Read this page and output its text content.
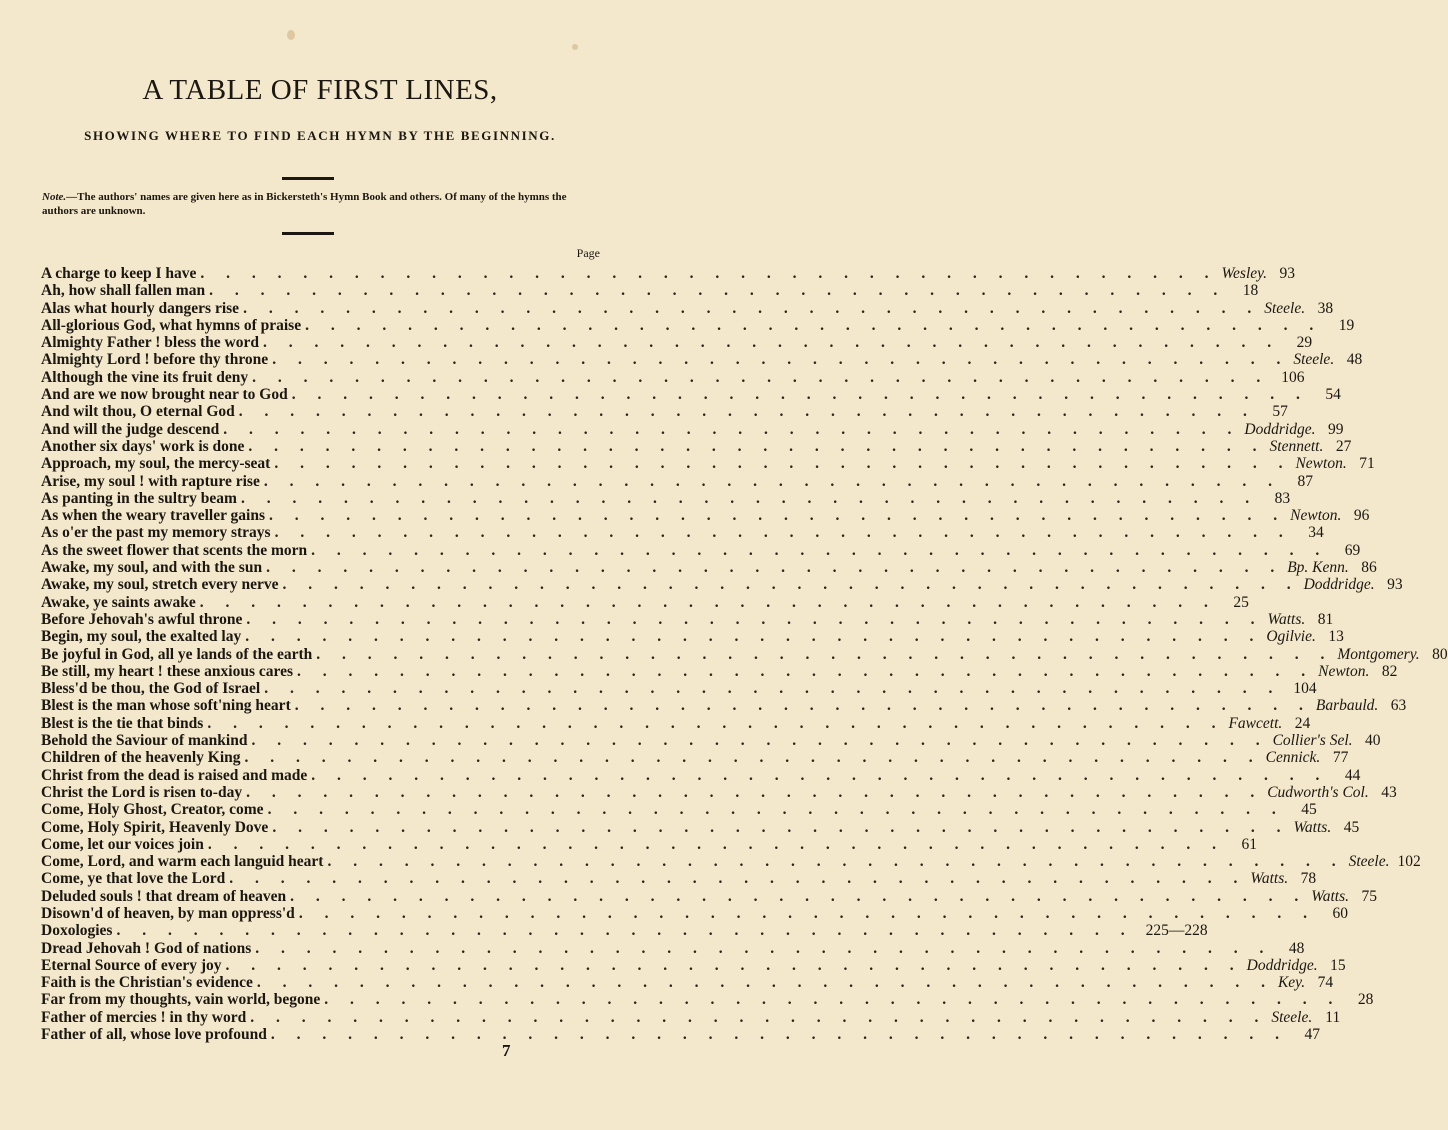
A TABLE OF FIRST LINES,
SHOWING WHERE TO FIND EACH HYMN BY THE BEGINNING.
Note.—The authors' names are given here as in Bickersteth's Hymn Book and others. Of many of the hymns the authors are unknown.
Page
A charge to keep I have . . . . . . . . . . . . . . . . . . . . . . . . . . . . . . . . . . . . . . . . Wesley. 93
Ah, how shall fallen man . . . . . . . . . . . . . . . . . . . . . . . . . . . . . . . . . . . . . . . . 18
Alas what hourly dangers rise . . . . . . . . . . . . . . . . . . . . . . . . . . . . . . . . . . . . . . . . Steele. 38
All-glorious God, what hymns of praise . . . . . . . . . . . . . . . . . . . . . . . . . . . . . . . . . . . . . . . . 19
Almighty Father ! bless the word . . . . . . . . . . . . . . . . . . . . . . . . . . . . . . . . . . . . . . . . 29
Almighty Lord ! before thy throne . . . . . . . . . . . . . . . . . . . . . . . . . . . . . . . . . . . . . . . . Steele. 48
Although the vine its fruit deny . . . . . . . . . . . . . . . . . . . . . . . . . . . . . . . . . . . . . . . . 106
And are we now brought near to God . . . . . . . . . . . . . . . . . . . . . . . . . . . . . . . . . . . . . . . . 54
And wilt thou, O eternal God . . . . . . . . . . . . . . . . . . . . . . . . . . . . . . . . . . . . . . . . 57
And will the judge descend . . . . . . . . . . . . . . . . . . . . . . . . . . . . . . . . . . . . . . . . Doddridge. 99
Another six days' work is done . . . . . . . . . . . . . . . . . . . . . . . . . . . . . . . . . . . . . . . . Stennett. 27
Approach, my soul, the mercy-seat . . . . . . . . . . . . . . . . . . . . . . . . . . . . . . . . . . . . . . . . Newton. 71
Arise, my soul ! with rapture rise . . . . . . . . . . . . . . . . . . . . . . . . . . . . . . . . . . . . . . . . 87
As panting in the sultry beam . . . . . . . . . . . . . . . . . . . . . . . . . . . . . . . . . . . . . . . . 83
As when the weary traveller gains . . . . . . . . . . . . . . . . . . . . . . . . . . . . . . . . . . . . . . . . Newton. 96
As o'er the past my memory strays . . . . . . . . . . . . . . . . . . . . . . . . . . . . . . . . . . . . . . . . 34
As the sweet flower that scents the morn . . . . . . . . . . . . . . . . . . . . . . . . . . . . . . . . . . . . . . . . 69
Awake, my soul, and with the sun . . . . . . . . . . . . . . . . . . . . . . . . . . . . . . . . . . . . . . . . Bp. Kenn. 86
Awake, my soul, stretch every nerve . . . . . . . . . . . . . . . . . . . . . . . . . . . . . . . . . . . . . . . . Doddridge. 93
Awake, ye saints awake . . . . . . . . . . . . . . . . . . . . . . . . . . . . . . . . . . . . . . . . 25
Before Jehovah's awful throne . . . . . . . . . . . . . . . . . . . . . . . . . . . . . . . . . . . . . . . . Watts. 81
Begin, my soul, the exalted lay . . . . . . . . . . . . . . . . . . . . . . . . . . . . . . . . . . . . . . . . Ogilvie. 13
Be joyful in God, all ye lands of the earth . . . . . . . . . . . . . . . . . . . . . . . . . . . . . . . . . . . . . . . . Montgomery. 80
Be still, my heart ! these anxious cares . . . . . . . . . . . . . . . . . . . . . . . . . . . . . . . . . . . . . . . . Newton. 82
Bless'd be thou, the God of Israel . . . . . . . . . . . . . . . . . . . . . . . . . . . . . . . . . . . . . . . . 104
Blest is the man whose soft'ning heart . . . . . . . . . . . . . . . . . . . . . . . . . . . . . . . . . . . . . . . . Barbauld. 63
Blest is the tie that binds . . . . . . . . . . . . . . . . . . . . . . . . . . . . . . . . . . . . . . . . Fawcett. 24
Behold the Saviour of mankind . . . . . . . . . . . . . . . . . . . . . . . . . . . . . . . . . . . . . . . . Collier's Sel. 40
Children of the heavenly King . . . . . . . . . . . . . . . . . . . . . . . . . . . . . . . . . . . . . . . . Cennick. 77
Christ from the dead is raised and made . . . . . . . . . . . . . . . . . . . . . . . . . . . . . . . . . . . . . . . . 44
Christ the Lord is risen to-day . . . . . . . . . . . . . . . . . . . . . . . . . . . . . . . . . . . . . . . . Cudworth's Col. 43
Come, Holy Ghost, Creator, come . . . . . . . . . . . . . . . . . . . . . . . . . . . . . . . . . . . . . . . . 45
Come, Holy Spirit, Heavenly Dove . . . . . . . . . . . . . . . . . . . . . . . . . . . . . . . . . . . . . . . . Watts. 45
Come, let our voices join . . . . . . . . . . . . . . . . . . . . . . . . . . . . . . . . . . . . . . . . 61
Come, Lord, and warm each languid heart . . . . . . . . . . . . . . . . . . . . . . . . . . . . . . . . . . . . . . . . Steele. 102
Come, ye that love the Lord . . . . . . . . . . . . . . . . . . . . . . . . . . . . . . . . . . . . . . . . Watts. 78
Deluded souls ! that dream of heaven . . . . . . . . . . . . . . . . . . . . . . . . . . . . . . . . . . . . . . . . Watts. 75
Disown'd of heaven, by man oppress'd . . . . . . . . . . . . . . . . . . . . . . . . . . . . . . . . . . . . . . . . 60
Doxologies . . . . . . . . . . . . . . . . . . . . . . . . . . . . . . . . . . . . . . . . 225—228
Dread Jehovah ! God of nations . . . . . . . . . . . . . . . . . . . . . . . . . . . . . . . . . . . . . . . . 48
Eternal Source of every joy . . . . . . . . . . . . . . . . . . . . . . . . . . . . . . . . . . . . . . . . Doddridge. 15
Faith is the Christian's evidence . . . . . . . . . . . . . . . . . . . . . . . . . . . . . . . . . . . . . . . . Key. 74
Far from my thoughts, vain world, begone . . . . . . . . . . . . . . . . . . . . . . . . . . . . . . . . . . . . . . . . 28
Father of mercies ! in thy word . . . . . . . . . . . . . . . . . . . . . . . . . . . . . . . . . . . . . . . . Steele. 11
Father of all, whose love profound . . . . . . . . . . . . . . . . . . . . . . . . . . . . . . . . . . . . . . . . 47
7
